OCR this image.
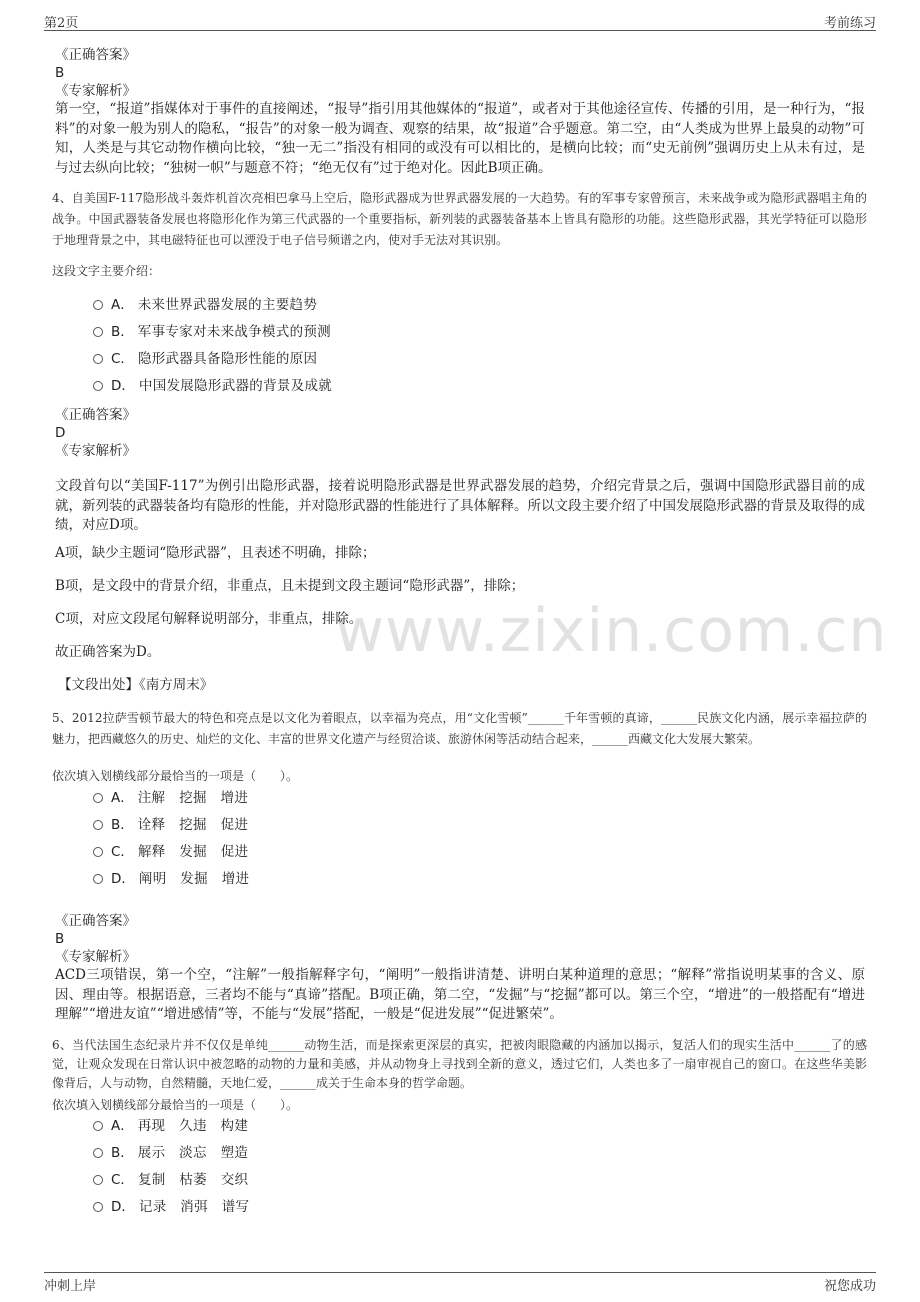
第2页	考前练习
www.zixin.com.cn

《正确答案》

B

《专家解析》

第一空，“报道”指媒体对于事件的直接阐述，“报导”指引用其他媒体的“报道”，或者对于其他途径宣传、传播的引用，是一种行为，“报料”的对象一般为别人的隐私，“报告”的对象一般为调查、观察的结果，故“报道”合乎题意。第二空，由“人类成为世界上最臭的动物”可知，人类是与其它动物作横向比较，“独一无二”指没有相同的或没有可以相比的，是横向比较；而“史无前例”强调历史上从未有过，是与过去纵向比较；“独树一帜”与题意不符；“绝无仅有”过于绝对化。因此B项正确。

4、自美国F-117隐形战斗轰炸机首次亮相巴拿马上空后，隐形武器成为世界武器发展的一大趋势。有的军事专家曾预言，未来战争或为隐形武器唱主角的战争。中国武器装备发展也将隐形化作为第三代武器的一个重要指标，新列装的武器装备基本上皆具有隐形的功能。这些隐形武器，其光学特征可以隐形于地理背景之中，其电磁特征也可以湮没于电子信号频谱之内，使对手无法对其识别。

这段文字主要介绍：

A． 未来世界武器发展的主要趋势
B． 军事专家对未来战争模式的预测
C． 隐形武器具备隐形性能的原因
D． 中国发展隐形武器的背景及成就

《正确答案》

D

《专家解析》

文段首句以“美国F-117”为例引出隐形武器，接着说明隐形武器是世界武器发展的趋势，介绍完背景之后，强调中国隐形武器目前的成就，新列装的武器装备均有隐形的性能，并对隐形武器的性能进行了具体解释。所以文段主要介绍了中国发展隐形武器的背景及取得的成绩，对应D项。

A项，缺少主题词“隐形武器”，且表述不明确，排除；

B项，是文段中的背景介绍，非重点，且未提到文段主题词“隐形武器”，排除；

C项，对应文段尾句解释说明部分，非重点，排除。

故正确答案为D。

【文段出处】《南方周末》

5、2012拉萨雪顿节最大的特色和亮点是以文化为着眼点，以幸福为亮点，用“文化雪顿”______千年雪顿的真谛，______民族文化内涵，展示幸福拉萨的魅力，把西藏悠久的历史、灿烂的文化、丰富的世界文化遗产与经贸洽谈、旅游休闲等活动结合起来，______西藏文化大发展大繁荣。

依次填入划横线部分最恰当的一项是（　　）。

A． 注解　挖掘　增进
B． 诠释　挖掘　促进
C． 解释　发掘　促进
D． 阐明　发掘　增进

《正确答案》

B

《专家解析》

ACD三项错误，第一个空，“注解”一般指解释字句，“阐明”一般指讲清楚、讲明白某种道理的意思；“解释”常指说明某事的含义、原因、理由等。根据语意，三者均不能与“真谛”搭配。B项正确，第二空，“发掘”与“挖掘”都可以。第三个空，“增进”的一般搭配有“增进理解”“增进友谊”“增进感情”等，不能与“发展”搭配，一般是“促进发展”“促进繁荣”。

6、当代法国生态纪录片并不仅仅是单纯______动物生活，而是探索更深层的真实，把被肉眼隐藏的内涵加以揭示，复活人们的现实生活中______了的感觉，让观众发现在日常认识中被忽略的动物的力量和美感，并从动物身上寻找到全新的意义，透过它们，人类也多了一扇审视自己的窗口。在这些华美影像背后，人与动物，自然精髓，天地仁爱，______成关于生命本身的哲学命题。

依次填入划横线部分最恰当的一项是（　　）。

A． 再现　久违　构建
B． 展示　淡忘　塑造
C． 复制　枯萎　交织
D． 记录　消弭　谱写
冲刺上岸	祝您成功
